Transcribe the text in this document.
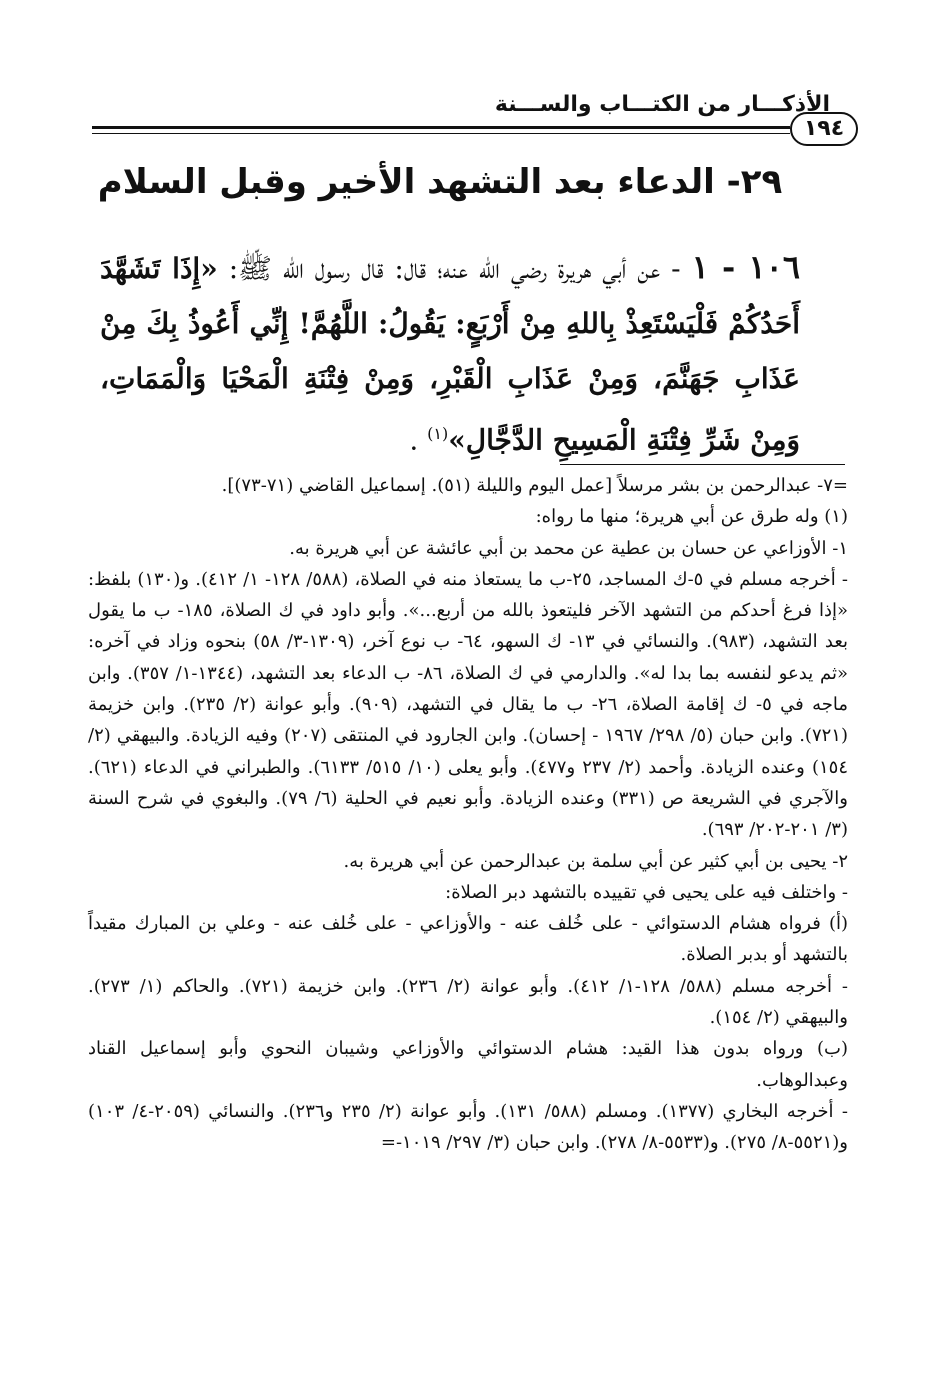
الأذكـــار من الكتـــاب والســـنة
١٩٤
٢٩- الدعاء بعد التشهد الأخير وقبل السلام
١٠٦ - ١ - عن أبي هريرة رضي الله عنه؛ قال: قال رسول الله ﷺ: «إِذَا تَشَهَّدَ أَحَدُكُمْ فَلْيَسْتَعِذْ بِاللهِ مِنْ أَرْبَعٍ: يَقُولُ: اللَّهُمَّ! إِنِّي أَعُوذُ بِكَ مِنْ عَذَابِ جَهَنَّمَ، وَمِنْ عَذَابِ الْقَبْرِ، وَمِنْ فِتْنَةِ الْمَحْيَا وَالْمَمَاتِ، وَمِنْ شَرِّ فِتْنَةِ الْمَسِيحِ الدَّجَّالِ»$^{(١)}$ .

=٧- عبدالرحمن بن بشر مرسلاً [عمل اليوم والليلة (٥١). إسماعيل القاضي (٧١-٧٣)].

(١) وله طرق عن أبي هريرة؛ منها ما رواه:

١- الأوزاعي عن حسان بن عطية عن محمد بن أبي عائشة عن أبي هريرة به.

- أخرجه مسلم في ٥-ك المساجد، ٢٥-ب ما يستعاذ منه في الصلاة، (٥٨٨/ ١٢٨- ١/ ٤١٢). و(١٣٠) بلفظ: «إذا فرغ أحدكم من التشهد الآخر فليتعوذ بالله من أربع...». وأبو داود في ك الصلاة، ١٨٥- ب ما يقول بعد التشهد، (٩٨٣). والنسائي في ١٣- ك السهو، ٦٤- ب نوع آخر، (١٣٠٩-٣/ ٥٨) بنحوه وزاد في آخره: «ثم يدعو لنفسه بما بدا له». والدارمي في ك الصلاة، ٨٦- ب الدعاء بعد التشهد، (١٣٤٤-١/ ٣٥٧). وابن ماجه في ٥- ك إقامة الصلاة، ٢٦- ب ما يقال في التشهد، (٩٠٩). وأبو عوانة (٢/ ٢٣٥). وابن خزيمة (٧٢١). وابن حبان (٥/ ٢٩٨/ ١٩٦٧ - إحسان). وابن الجارود في المنتقى (٢٠٧) وفيه الزيادة. والبيهقي (٢/ ١٥٤) وعنده الزيادة. وأحمد (٢/ ٢٣٧ و٤٧٧). وأبو يعلى (١٠/ ٥١٥/ ٦١٣٣). والطبراني في الدعاء (٦٢١). والآجري في الشريعة ص (٣٣١) وعنده الزيادة. وأبو نعيم في الحلية (٦/ ٧٩). والبغوي في شرح السنة (٣/ ٢٠١-٢٠٢/ ٦٩٣).

٢- يحيى بن أبي كثير عن أبي سلمة بن عبدالرحمن عن أبي هريرة به.

- واختلف فيه على يحيى في تقييده بالتشهد دبر الصلاة:

(أ) فرواه هشام الدستوائي - على خُلف عنه - والأوزاعي - على خُلف عنه - وعلي بن المبارك مقيداً بالتشهد أو بدبر الصلاة.

- أخرجه مسلم (٥٨٨/ ١٢٨-١/ ٤١٢). وأبو عوانة (٢/ ٢٣٦). وابن خزيمة (٧٢١). والحاكم (١/ ٢٧٣). والبيهقي (٢/ ١٥٤).

(ب) ورواه بدون هذا القيد: هشام الدستوائي والأوزاعي وشيبان النحوي وأبو إسماعيل القناد وعبدالوهاب.

- أخرجه البخاري (١٣٧٧). ومسلم (٥٨٨/ ١٣١). وأبو عوانة (٢/ ٢٣٥ و٢٣٦). والنسائي (٢٠٥٩-٤/ ١٠٣) و(٥٥٢١-٨/ ٢٧٥). و(٥٥٣٣-٨/ ٢٧٨). وابن حبان (٣/ ٢٩٧/ ١٠١٩-=
